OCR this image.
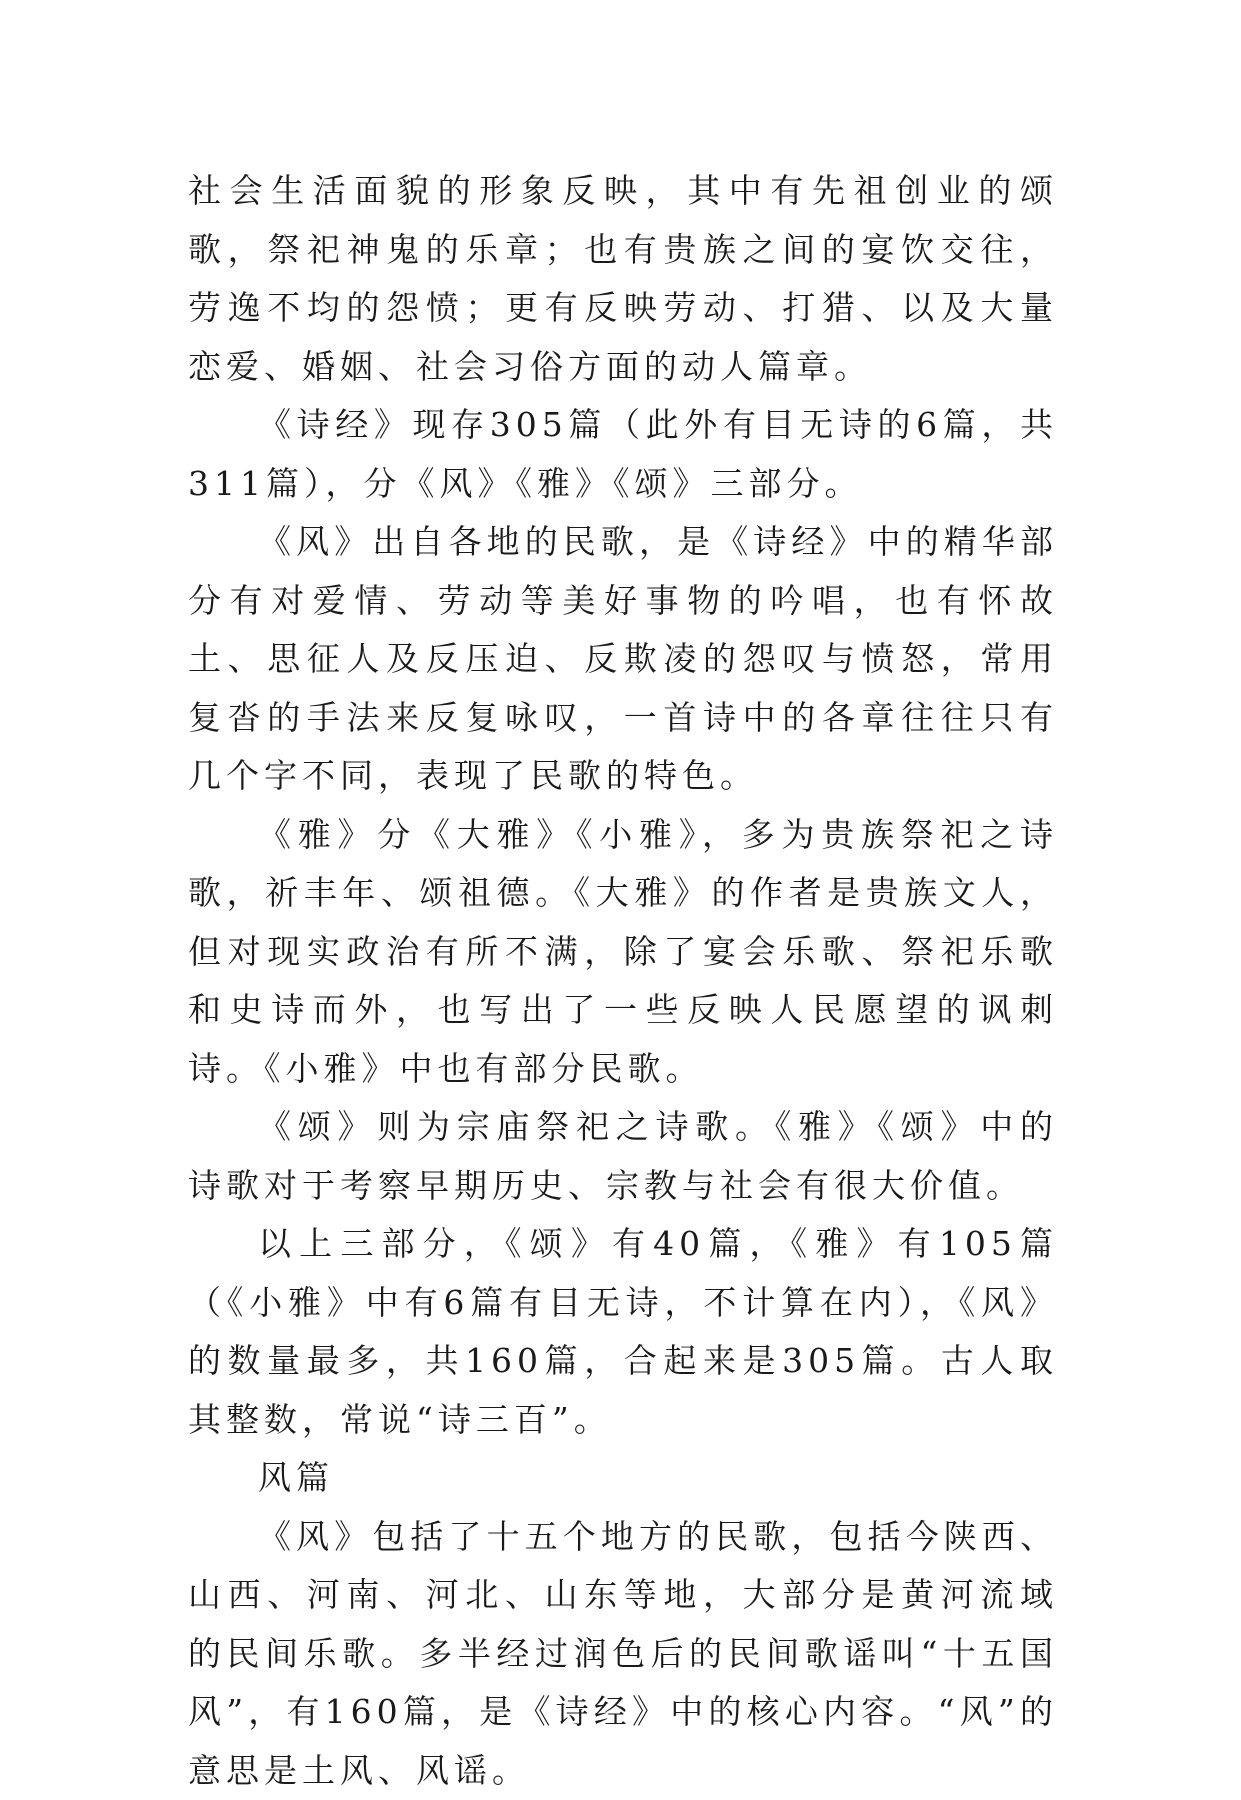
社会生活面貌的形象反映，其中有先祖创业的颂歌，祭祀神鬼的乐章；也有贵族之间的宴饮交往，劳逸不均的怨愤；更有反映劳动、打猎、以及大量恋爱、婚姻、社会习俗方面的动人篇章。

《诗经》现存305篇（此外有目无诗的6篇，共311篇），分《风》《雅》《颂》三部分。

《风》出自各地的民歌，是《诗经》中的精华部分有对爱情、劳动等美好事物的吟唱，也有怀故土、思征人及反压迫、反欺凌的怨叹与愤怒，常用复沓的手法来反复咏叹，一首诗中的各章往往只有几个字不同，表现了民歌的特色。

《雅》分《大雅》《小雅》，多为贵族祭祀之诗歌，祈丰年、颂祖德。《大雅》的作者是贵族文人，但对现实政治有所不满，除了宴会乐歌、祭祀乐歌和史诗而外，也写出了一些反映人民愿望的讽刺诗。《小雅》中也有部分民歌。

《颂》则为宗庙祭祀之诗歌。《雅》《颂》中的诗歌对于考察早期历史、宗教与社会有很大价值。

以上三部分，《颂》有40篇，《雅》有105篇（《小雅》中有6篇有目无诗，不计算在内），《风》的数量最多，共160篇，合起来是305篇。古人取其整数，常说“诗三百”。

风篇

《风》包括了十五个地方的民歌，包括今陕西、山西、河南、河北、山东等地，大部分是黄河流域的民间乐歌。多半经过润色后的民间歌谣叫“十五国风”，有160篇，是《诗经》中的核心内容。“风”的意思是土风、风谣。
